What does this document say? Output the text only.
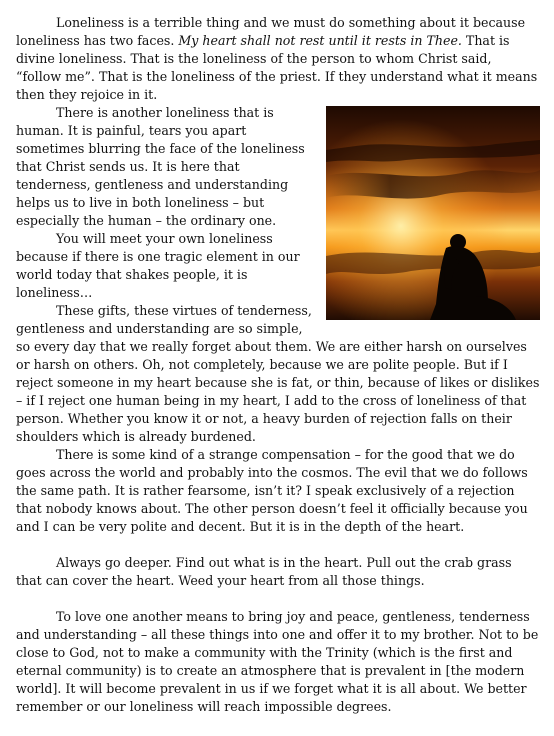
Loneliness is a terrible thing and we must do something about it because loneliness has two faces. My heart shall not rest until it rests in Thee. That is divine loneliness. That is the loneliness of the person to whom Christ said, “follow me”. That is the loneliness of the priest. If they understand what it means then they rejoice in it.

There is another loneliness that is human. It is painful, tears you apart sometimes blurring the face of the loneliness that Christ sends us. It is here that tenderness, gentleness and understanding helps us to live in both loneliness – but especially the human – the ordinary one.

You will meet your own loneliness because if there is one tragic element in our world today that shakes people, it is loneliness…

These gifts, these virtues of tenderness, gentleness and understanding are so simple, so every day that we really forget about them. We are either harsh on ourselves or harsh on others. Oh, not completely, because we are polite people. But if I reject someone in my heart because she is fat, or thin, because of likes or dislikes – if I reject one human being in my heart, I add to the cross of loneliness of that person. Whether you know it or not, a heavy burden of rejection falls on their shoulders which is already burdened.

There is some kind of a strange compensation – for the good that we do goes across the world and probably into the cosmos. The evil that we do follows the same path. It is rather fearsome, isn’t it? I speak exclusively of a rejection that nobody knows about. The other person doesn’t feel it officially because you and I can be very polite and decent. But it is in the depth of the heart.

Always go deeper. Find out what is in the heart. Pull out the crab grass that can cover the heart. Weed your heart from all those things.

To love one another means to bring joy and peace, gentleness, tenderness and understanding – all these things into one and offer it to my brother. Not to be close to God, not to make a community with the Trinity (which is the first and eternal community) is to create an atmosphere that is prevalent in [the modern world]. It will become prevalent in us if we forget what it is all about. We better remember or our loneliness will reach impossible degrees.
